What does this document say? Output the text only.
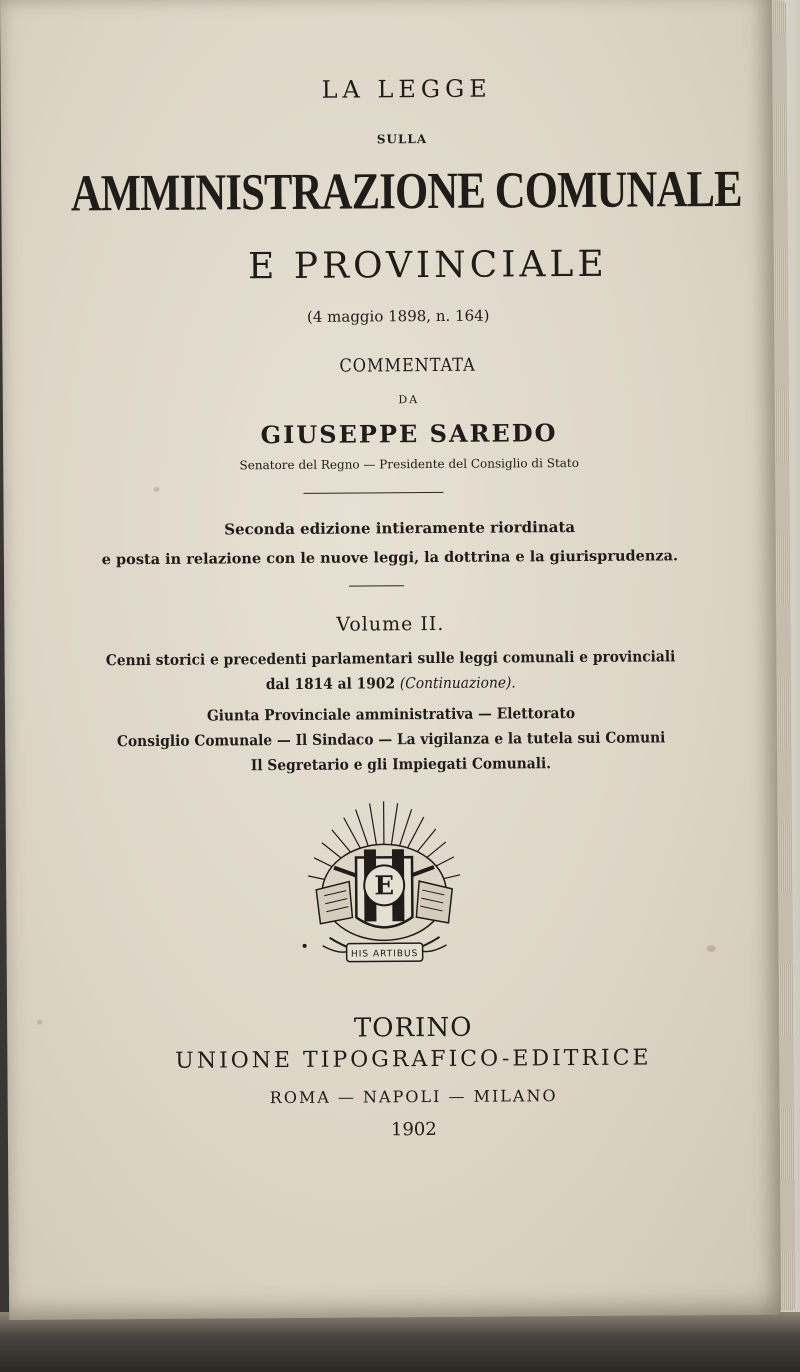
LA LEGGE
SULLA
AMMINISTRAZIONE COMUNALE
E PROVINCIALE
(4 maggio 1898, n. 164)
COMMENTATA
DA
GIUSEPPE SAREDO
Senatore del Regno — Presidente del Consiglio di Stato
Seconda edizione intieramente riordinata
e posta in relazione con le nuove leggi, la dottrina e la giurisprudenza.
Volume II.
Cenni storici e precedenti parlamentari sulle leggi comunali e provinciali
dal 1814 al 1902 (Continuazione).
Giunta Provinciale amministrativa — Elettorato
Consiglio Comunale — Il Sindaco — La vigilanza e la tutela sui Comuni
Il Segretario e gli Impiegati Comunali.
E
HIS ARTIBUS
TORINO
UNIONE TIPOGRAFICO-EDITRICE
ROMA — NAPOLI — MILANO
1902
